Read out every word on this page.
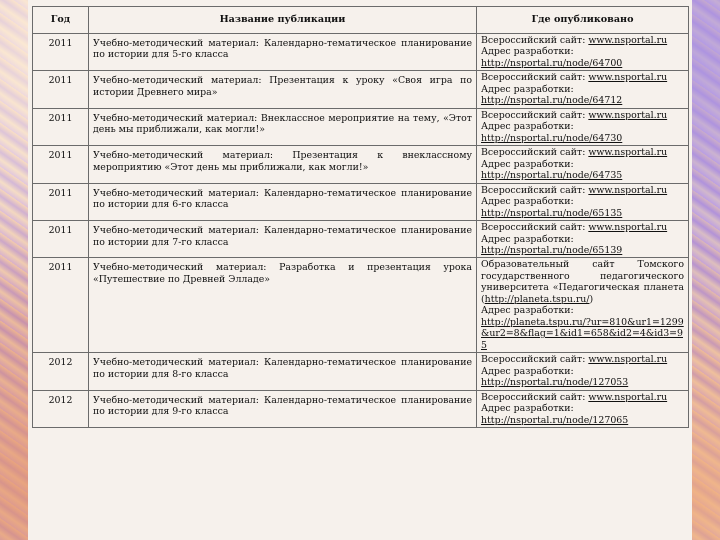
Год	Название публикации	Где опубликовано
2011	Учебно-методический материал: Календарно-тематическое планирование по истории для 5-го класса	Всероссийский сайт: www.nsportal.ru
Адрес разработки:
http://nsportal.ru/node/64700

2011	Учебно-методический материал: Презентация к уроку «Своя игра по истории Древнего мира»	Всероссийский сайт: www.nsportal.ru
Адрес разработки:
http://nsportal.ru/node/64712

2011	Учебно-методический материал: Внеклассное мероприятие на тему, «Этот день мы приближали, как могли!»	Всероссийский сайт: www.nsportal.ru
Адрес разработки:
http://nsportal.ru/node/64730

2011	Учебно-методический материал: Презентация к внеклассному мероприятию «Этот день мы приближали, как могли!»	Всероссийский сайт: www.nsportal.ru
Адрес разработки:
http://nsportal.ru/node/64735

2011	Учебно-методический материал: Календарно-тематическое планирование по истории для 6-го класса	Всероссийский сайт: www.nsportal.ru
Адрес разработки:
http://nsportal.ru/node/65135

2011	Учебно-методический материал: Календарно-тематическое планирование по истории для 7-го класса	Всероссийский сайт: www.nsportal.ru
Адрес разработки:
http://nsportal.ru/node/65139

2011	Учебно-методический материал: Разработка и презентация урока «Путешествие по Древней Элладе»	Образовательный сайт Томского государственного педагогического университета «Педагогическая планета (http://planeta.tspu.ru/)
Адрес разработки:
http://planeta.tspu.ru/?ur=810&ur1=1299&ur2=8&flag=1&id1=658&id2=4&id3=95

2012	Учебно-методический материал: Календарно-тематическое планирование по истории для 8-го класса	Всероссийский сайт: www.nsportal.ru
Адрес разработки:
http://nsportal.ru/node/127053

2012	Учебно-методический материал: Календарно-тематическое планирование по истории для 9-го класса	Всероссийский сайт: www.nsportal.ru
Адрес разработки:
http://nsportal.ru/node/127065
